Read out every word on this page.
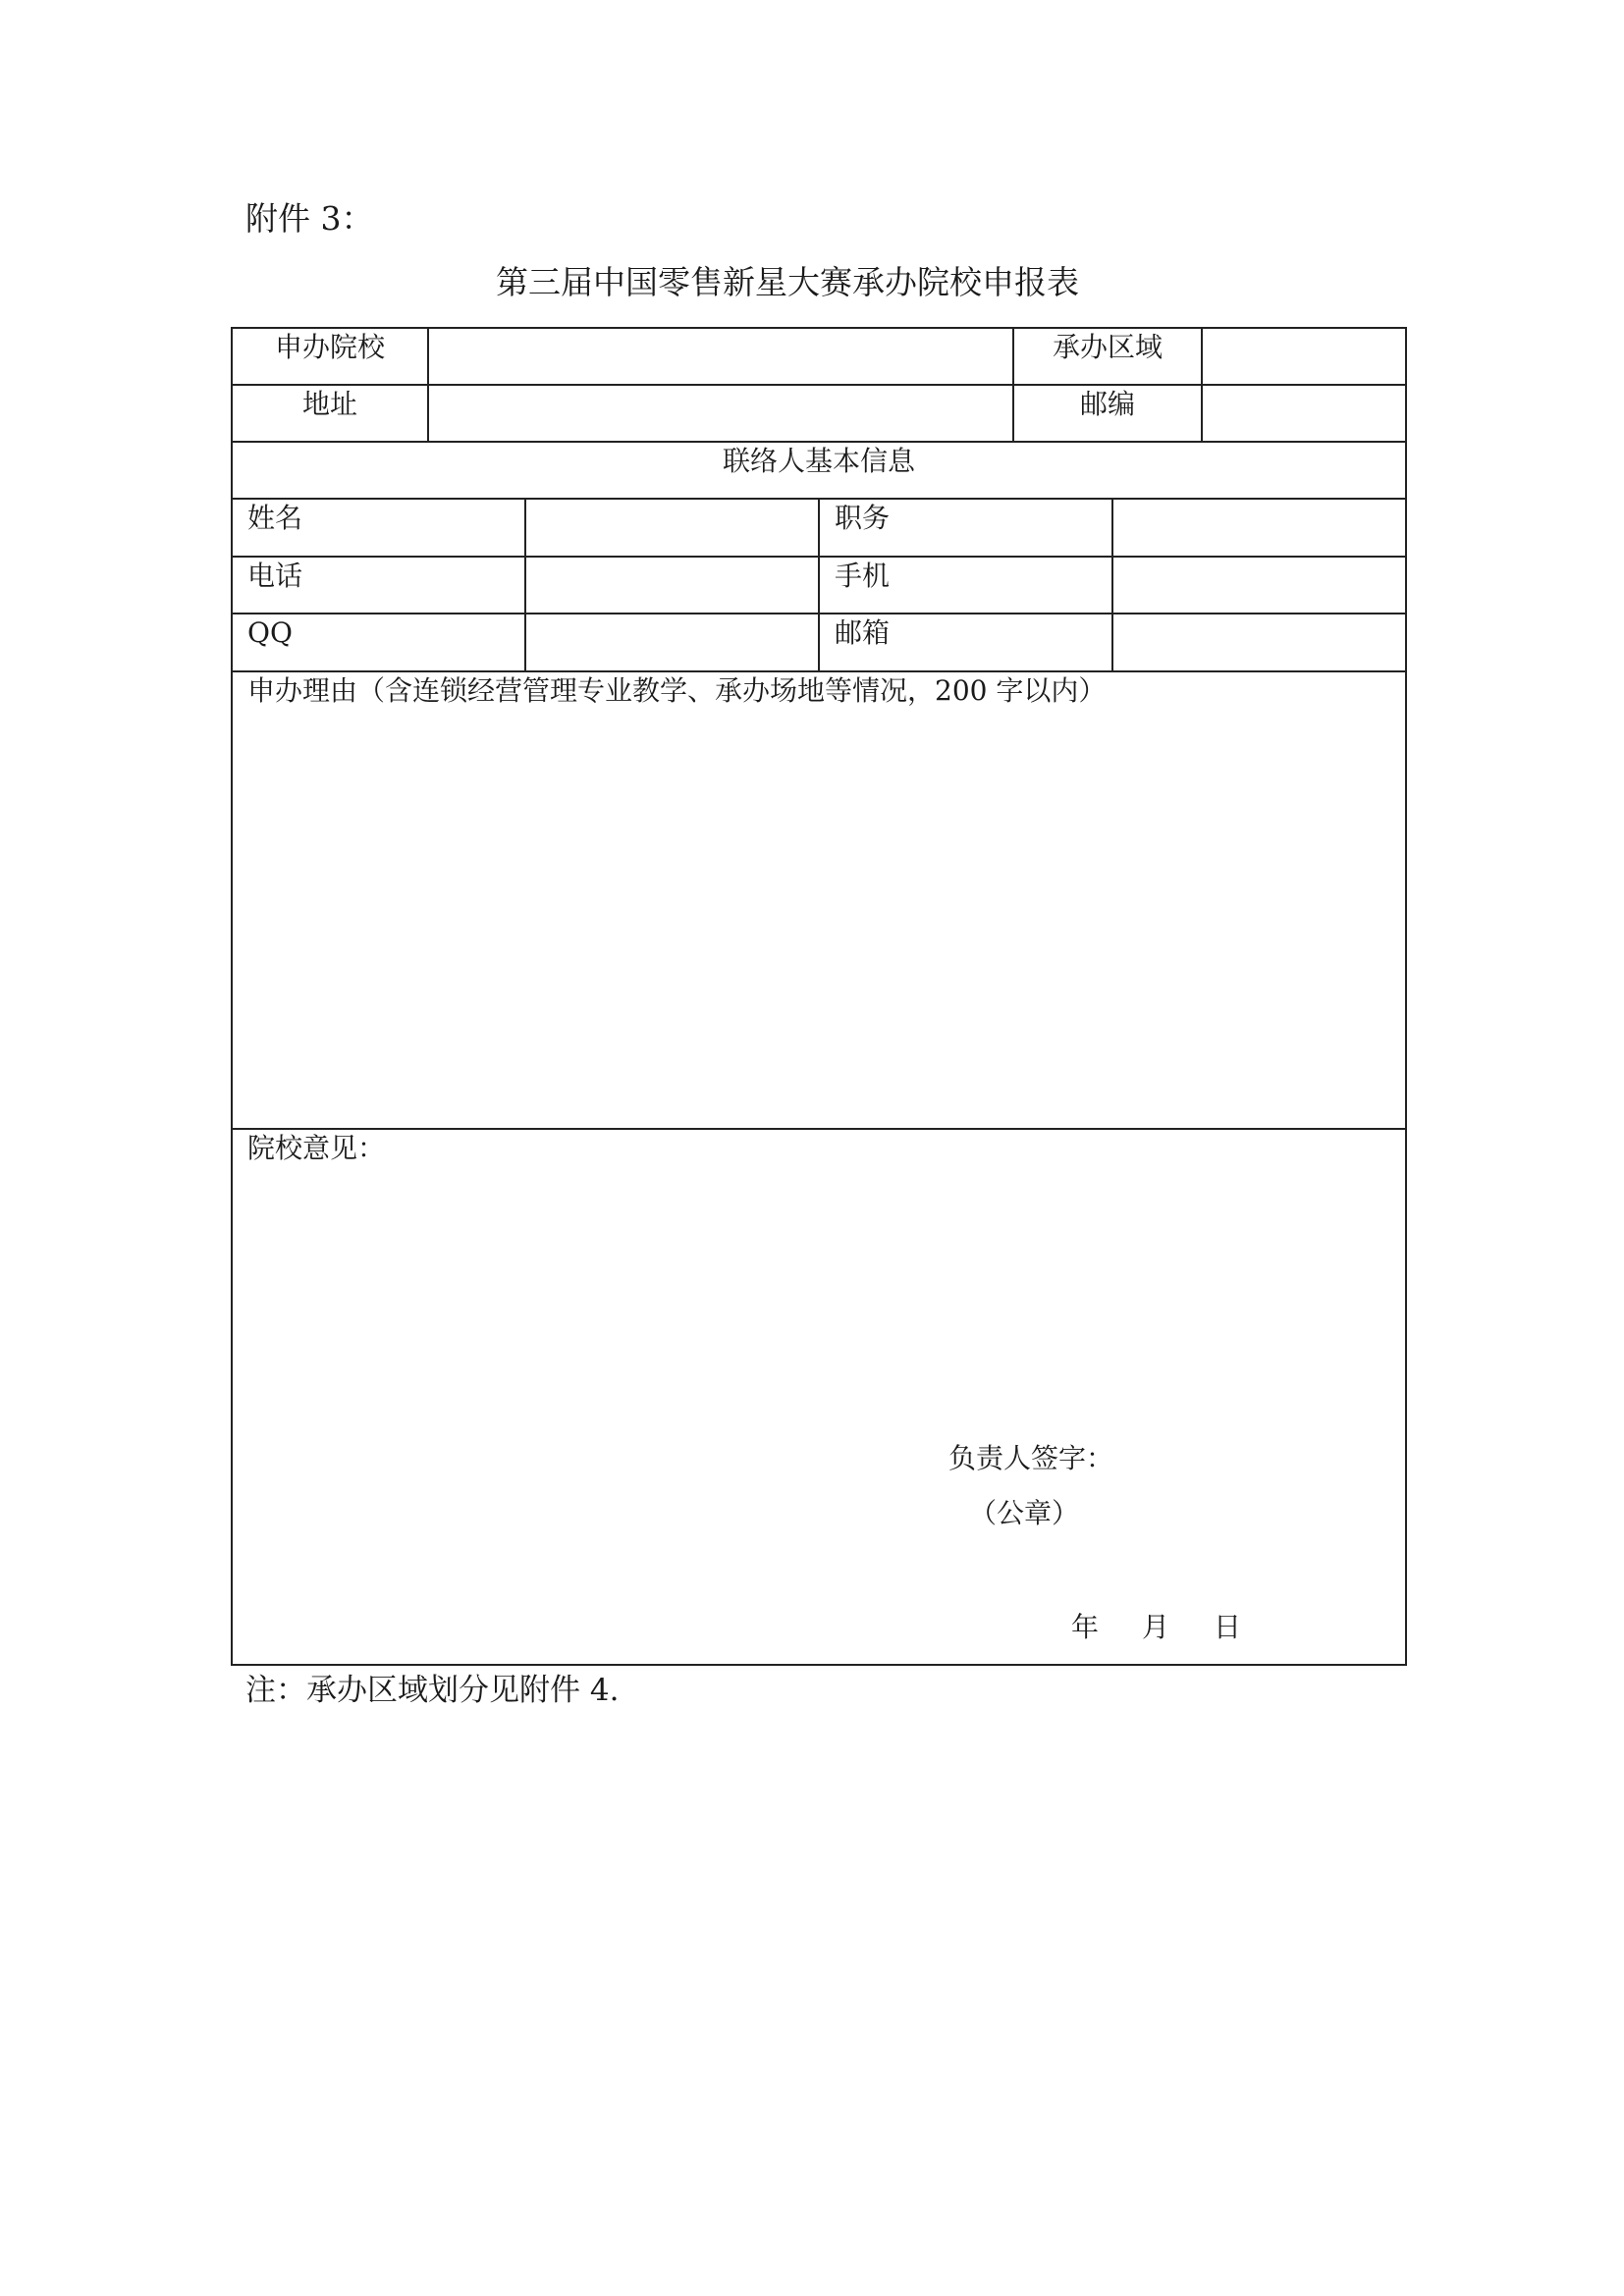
附件 3：
第三届中国零售新星大赛承办院校申报表
申办院校	承办区域
地址	邮编
联络人基本信息
姓名	职务
电话	手机
QQ	邮箱
申办理由（含连锁经营管理专业教学、承办场地等情况，200 字以内）
院校意见：
负责人签字：
（公章）
年 月 日
注：承办区域划分见附件 4.
